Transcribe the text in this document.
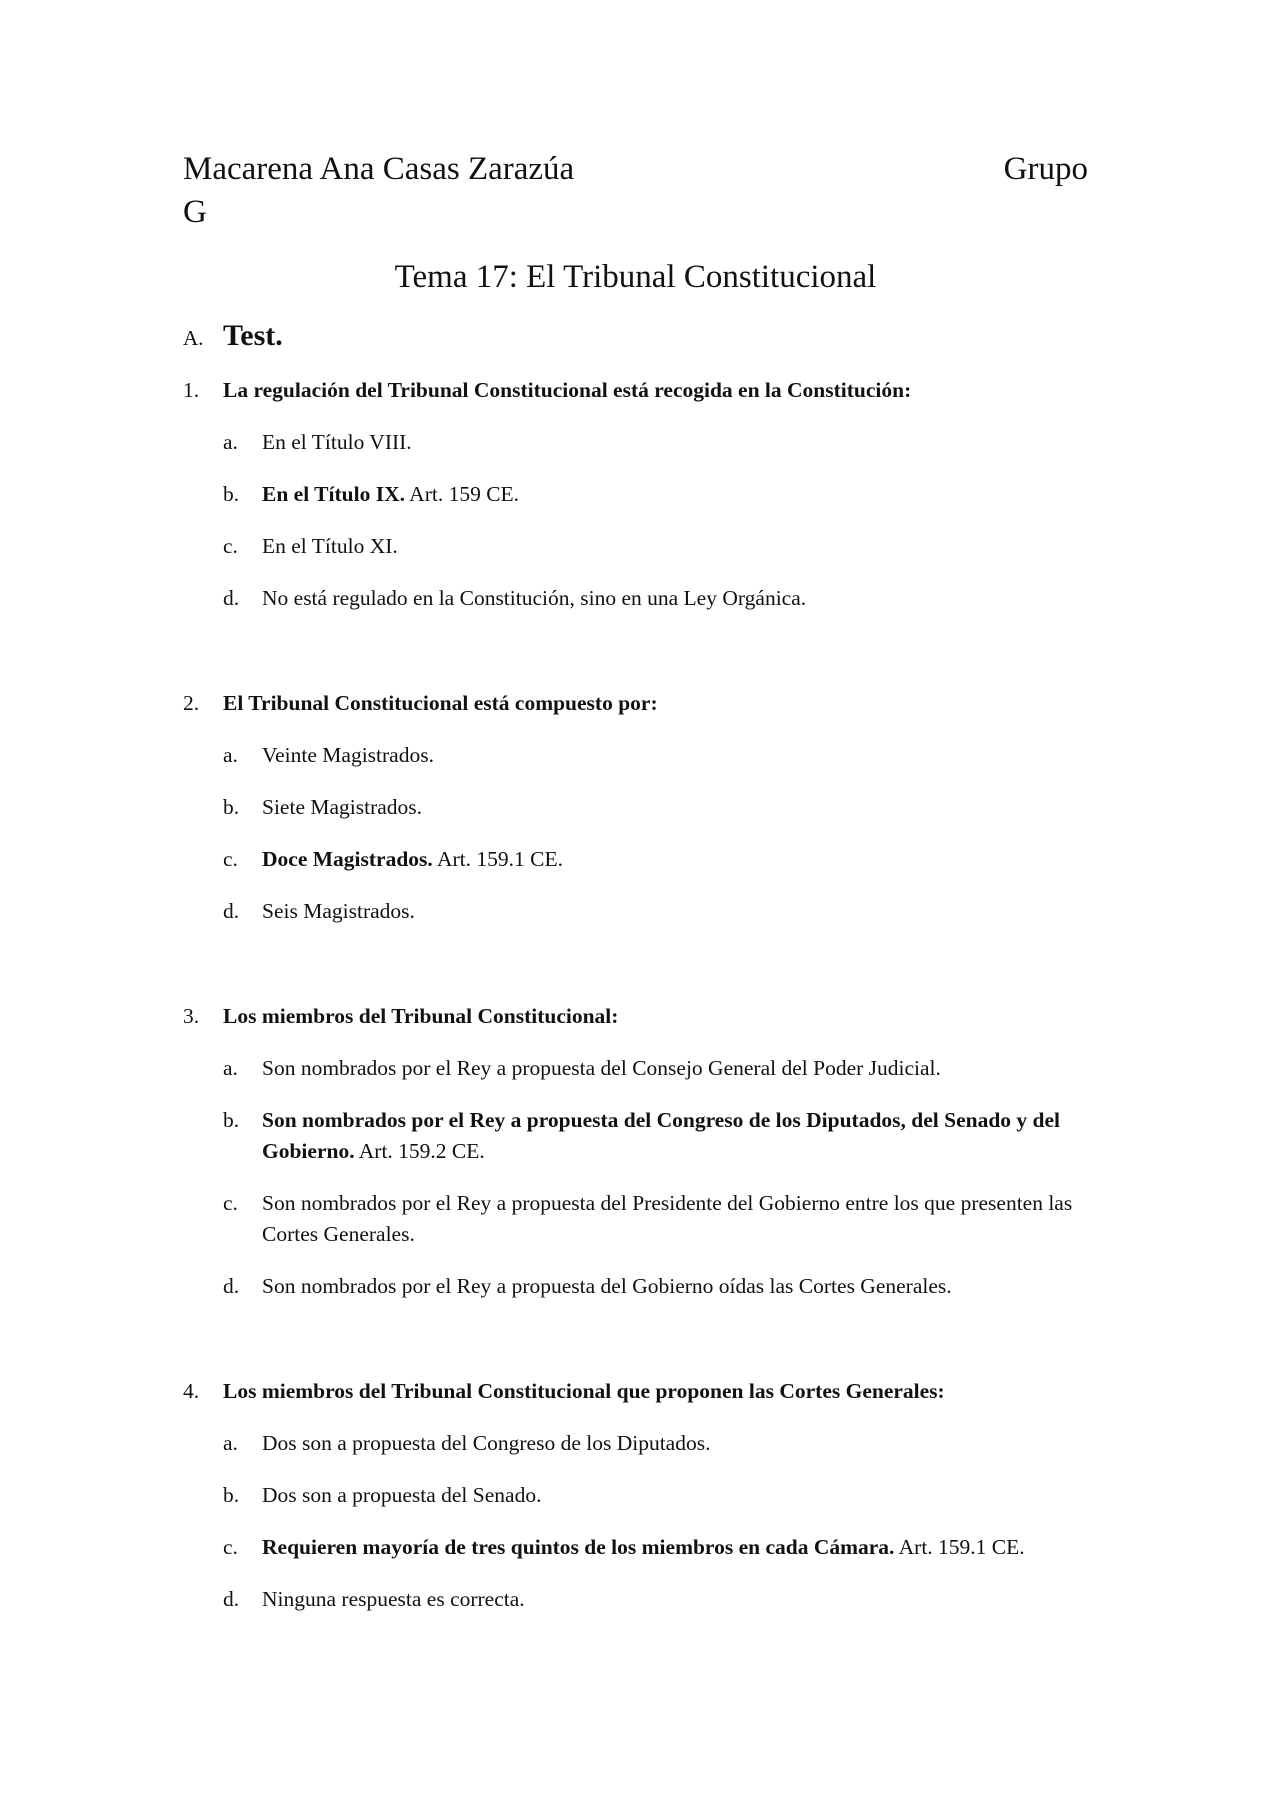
Macarena Ana Casas Zarazúa	Grupo
G
Tema 17: El Tribunal Constitucional
A. Test.
1.	La regulación del Tribunal Constitucional está recogida en la Constitución:
a.	En el Título VIII.
b.	En el Título IX. Art. 159 CE.
c.	En el Título XI.
d.	No está regulado en la Constitución, sino en una Ley Orgánica.
2.	El Tribunal Constitucional está compuesto por:
a.	Veinte Magistrados.
b.	Siete Magistrados.
c.	Doce Magistrados. Art. 159.1 CE.
d.	Seis Magistrados.
3.	Los miembros del Tribunal Constitucional:
a.	Son nombrados por el Rey a propuesta del Consejo General del Poder Judicial.
b.	Son nombrados por el Rey a propuesta del Congreso de los Diputados, del Senado y del Gobierno. Art. 159.2 CE.
c.	Son nombrados por el Rey a propuesta del Presidente del Gobierno entre los que presenten las Cortes Generales.
d.	Son nombrados por el Rey a propuesta del Gobierno oídas las Cortes Generales.
4.	Los miembros del Tribunal Constitucional que proponen las Cortes Generales:
a.	Dos son a propuesta del Congreso de los Diputados.
b.	Dos son a propuesta del Senado.
c.	Requieren mayoría de tres quintos de los miembros en cada Cámara. Art. 159.1 CE.
d.	Ninguna respuesta es correcta.
